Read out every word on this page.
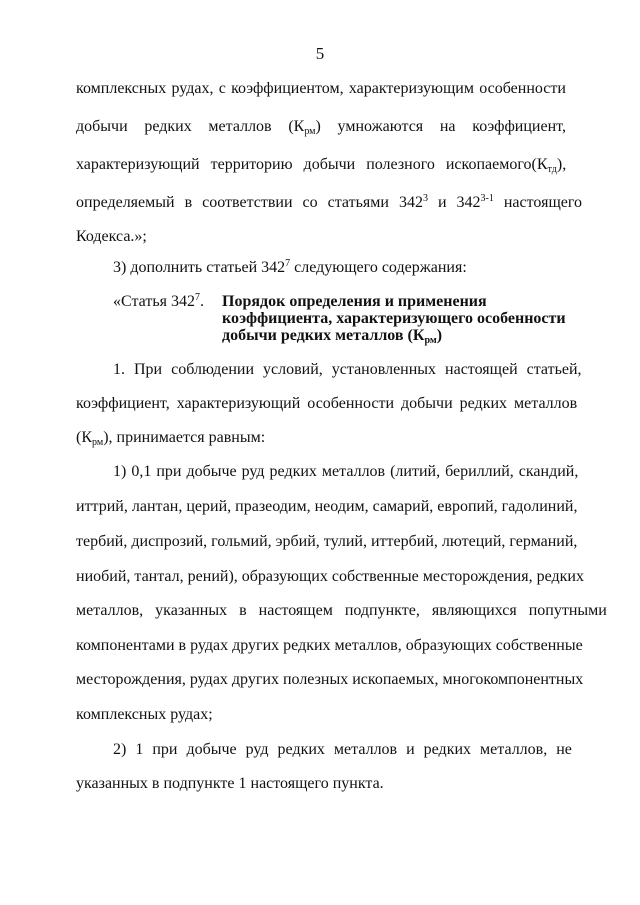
5
комплексных рудах, с коэффициентом, характеризующим особенности
добычи редких металлов $(К_{рм})$ умножаются на коэффициент,
характеризующий территорию добычи полезного ископаемого $(К_{тд})$,
определяемый в соответствии со статьями $342^3$ и 342$^{3-1}$ настоящего
Кодекса.»;
3) дополнить статьей $342^7$ следующего содержания:
«Статья $342^7$. Порядок определения и применения
коэффициента, характеризующего особенности
добычи редких металлов $(К_{рм})$
1. При соблюдении условий, установленных настоящей статьей,
коэффициент, характеризующий особенности добычи редких металлов
$(К_{рм})$, принимается равным:
1) 0,1 при добыче руд редких металлов (литий, бериллий, скандий,
иттрий, лантан, церий, празеодим, неодим, самарий, европий, гадолиний,
тербий, диспрозий, гольмий, эрбий, тулий, иттербий, лютеций, германий,
ниобий, тантал, рений), образующих собственные месторождения, редких
металлов, указанных в настоящем подпункте, являющихся попутными
компонентами в рудах других редких металлов, образующих собственные
месторождения, рудах других полезных ископаемых, многокомпонентных
комплексных рудах;
2) 1 при добыче руд редких металлов и редких металлов, не
указанных в подпункте 1 настоящего пункта.
